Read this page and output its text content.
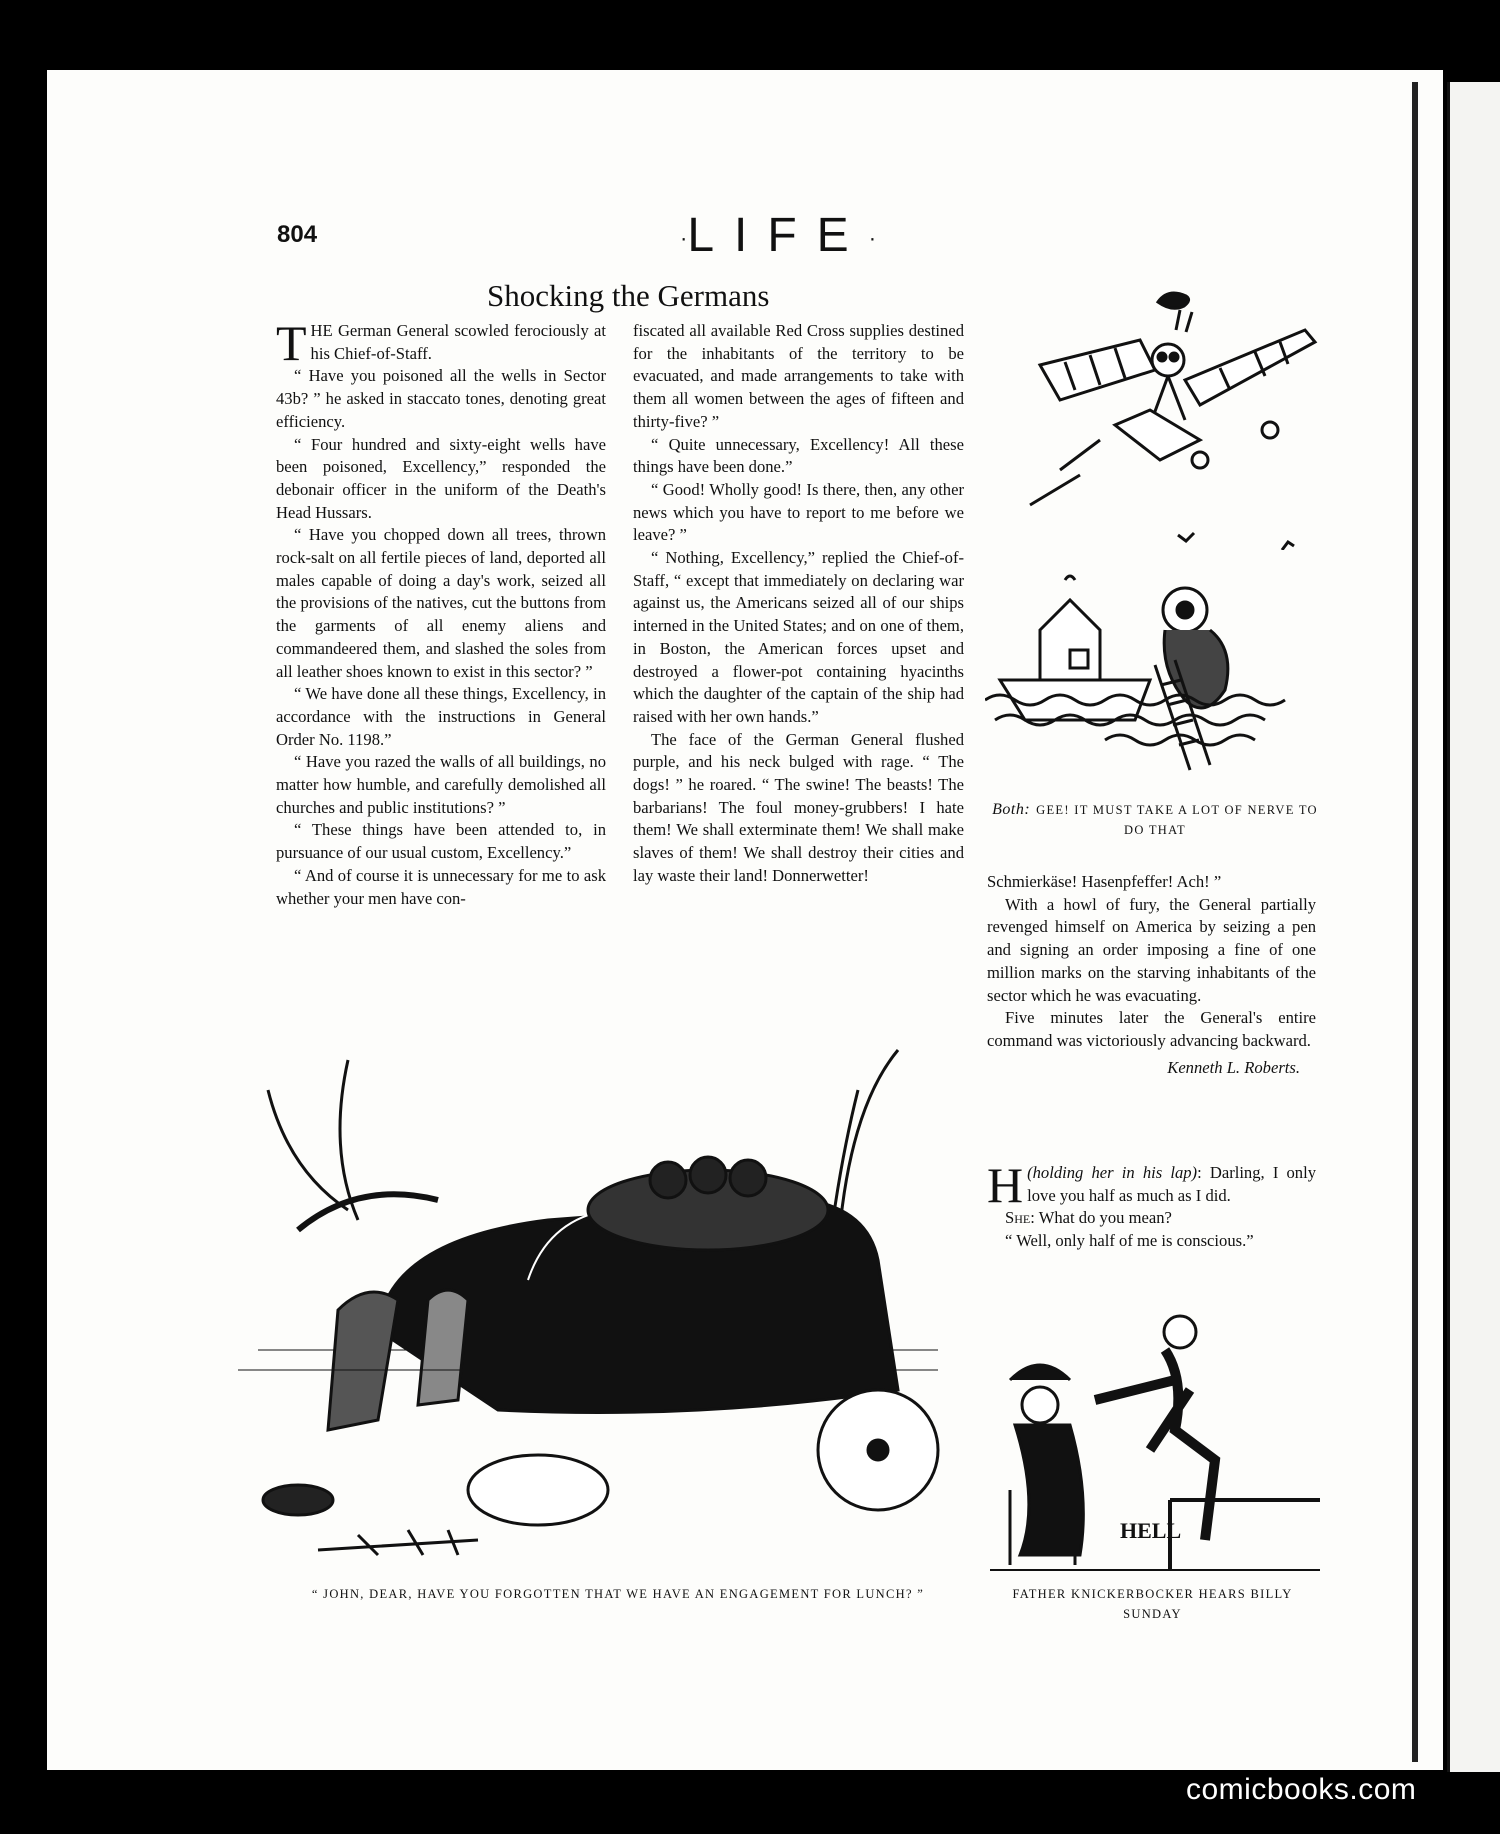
804	·LIFE·
Shocking the Germans

THE German General scowled ferociously at his Chief-of-Staff.

“ Have you poisoned all the wells in Sector 43b? ” he asked in staccato tones, denoting great efficiency.

“ Four hundred and sixty-eight wells have been poisoned, Excellency,” responded the debonair officer in the uniform of the Death's Head Hussars.

“ Have you chopped down all trees, thrown rock-salt on all fertile pieces of land, deported all males capable of doing a day's work, seized all the provisions of the natives, cut the buttons from the garments of all enemy aliens and commandeered them, and slashed the soles from all leather shoes known to exist in this sector? ”

“ We have done all these things, Excellency, in accordance with the instructions in General Order No. 1198.”

“ Have you razed the walls of all buildings, no matter how humble, and carefully demolished all churches and public institutions? ”

“ These things have been attended to, in pursuance of our usual custom, Excellency.”

“ And of course it is unnecessary for me to ask whether your men have con-

fiscated all available Red Cross supplies destined for the inhabitants of the territory to be evacuated, and made arrangements to take with them all women between the ages of fifteen and thirty-five? ”

“ Quite unnecessary, Excellency! All these things have been done.”

“ Good! Wholly good! Is there, then, any other news which you have to report to me before we leave? ”

“ Nothing, Excellency,” replied the Chief-of-Staff, “ except that immediately on declaring war against us, the Americans seized all of our ships interned in the United States; and on one of them, in Boston, the American forces upset and destroyed a flower-pot containing hyacinths which the daughter of the captain of the ship had raised with her own hands.”

The face of the German General flushed purple, and his neck bulged with rage. “ The dogs! ” he roared. “ The swine! The beasts! The barbarians! The foul money-grubbers! I hate them! We shall exterminate them! We shall make slaves of them! We shall destroy their cities and lay waste their land! Donnerwetter!	Schmierkäse! Hasenpfeffer! Ach! ”

With a howl of fury, the General partially revenged himself on America by seizing a pen and signing an order imposing a fine of one million marks on the starving inhabitants of the sector which he was evacuating.

Five minutes later the General's entire command was victoriously advancing backward.

Kenneth L. Roberts.

H (holding her in his lap): Darling, I only love you half as much as I did.

She: What do you mean?

“ Well, only half of me is conscious.”

Both: GEE! IT MUST TAKE A LOT OF NERVE TO DO THAT
“ JOHN, DEAR, HAVE YOU FORGOTTEN THAT WE HAVE AN ENGAGEMENT FOR LUNCH? ”
HELL
FATHER KNICKERBOCKER HEARS BILLY SUNDAY
comicbooks.com
